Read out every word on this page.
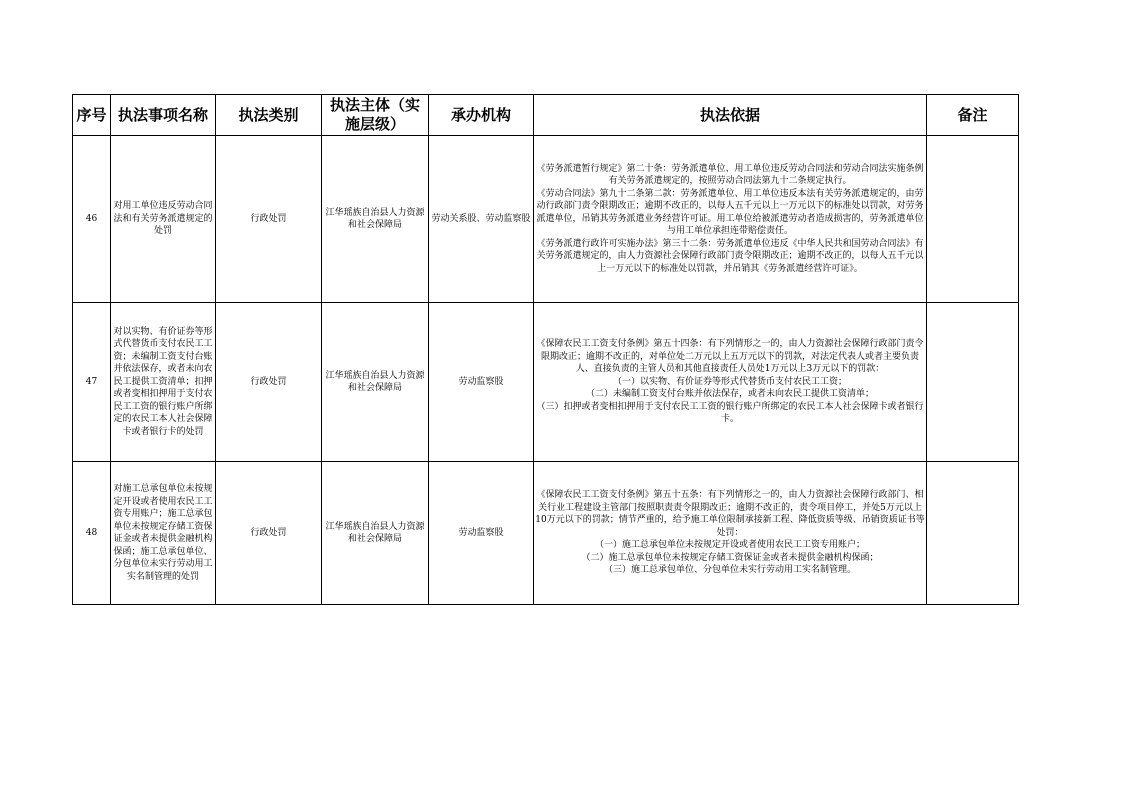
序号	执法事项名称	执法类别	执法主体（实施层级）	承办机构	执法依据	备注
46	对用工单位违反劳动合同法和有关劳务派遣规定的处罚	行政处罚	江华瑶族自治县人力资源和社会保障局	劳动关系股、劳动监察股	《劳务派遣暂行规定》第二十条：劳务派遣单位、用工单位违反劳动合同法和劳动合同法实施条例有关劳务派遣规定的，按照劳动合同法第九十二条规定执行。
《劳动合同法》第九十二条第二款：劳务派遣单位、用工单位违反本法有关劳务派遣规定的，由劳动行政部门责令限期改正；逾期不改正的，以每人五千元以上一万元以下的标准处以罚款，对劳务派遣单位，吊销其劳务派遣业务经营许可证。用工单位给被派遣劳动者造成损害的，劳务派遣单位与用工单位承担连带赔偿责任。
《劳务派遣行政许可实施办法》第三十二条：劳务派遣单位违反《中华人民共和国劳动合同法》有关劳务派遣规定的，由人力资源社会保障行政部门责令限期改正；逾期不改正的，以每人五千元以上一万元以下的标准处以罚款，并吊销其《劳务派遣经营许可证》。	

47	对以实物、有价证券等形式代替货币支付农民工工资；未编制工资支付台账并依法保存，或者未向农民工提供工资清单；扣押或者变相扣押用于支付农民工工资的银行账户所绑定的农民工本人社会保障卡或者银行卡的处罚	行政处罚	江华瑶族自治县人力资源和社会保障局	劳动监察股	《保障农民工工资支付条例》第五十四条：有下列情形之一的，由人力资源社会保障行政部门责令限期改正；逾期不改正的，对单位处二万元以上五万元以下的罚款，对法定代表人或者主要负责人、直接负责的主管人员和其他直接责任人员处1万元以上3万元以下的罚款：
（一）以实物、有价证券等形式代替货币支付农民工工资；
（二）未编制工资支付台账并依法保存，或者未向农民工提供工资清单；
（三）扣押或者变相扣押用于支付农民工工资的银行账户所绑定的农民工本人社会保障卡或者银行卡。	

48	对施工总承包单位未按规定开设或者使用农民工工资专用账户；施工总承包单位未按规定存储工资保证金或者未提供金融机构保函；施工总承包单位、分包单位未实行劳动用工实名制管理的处罚	行政处罚	江华瑶族自治县人力资源和社会保障局	劳动监察股	《保障农民工工资支付条例》第五十五条：有下列情形之一的，由人力资源社会保障行政部门、相关行业工程建设主管部门按照职责责令限期改正；逾期不改正的，责令项目停工，并处5万元以上10万元以下的罚款；情节严重的，给予施工单位限制承接新工程、降低资质等级、吊销资质证书等处罚：
（一）施工总承包单位未按规定开设或者使用农民工工资专用账户；
（二）施工总承包单位未按规定存储工资保证金或者未提供金融机构保函；
（三）施工总承包单位、分包单位未实行劳动用工实名制管理。	
